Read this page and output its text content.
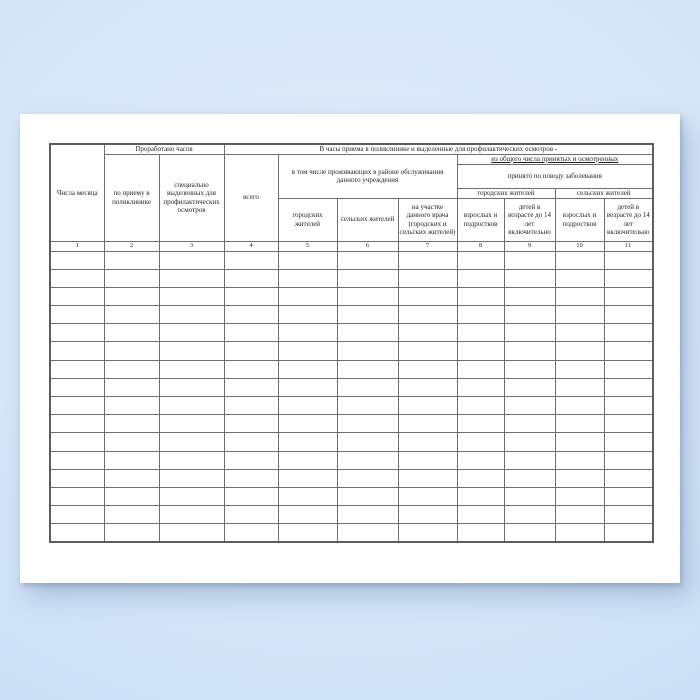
Числа месяца	Проработано часов		В часы приема в поликлинике и выделенные для профилактических осмотров -							
	по приему в поликлинике	специально выделенных для профилактических осмотров	всего	в том числе проживающих в районе обслуживания данного учреждения			из общего числа принятых и осмотренных			
							принято по поводу заболевания			
							городских жителей		сельских жителей	
				городских жителей	сельских жителей	на участке данного врача (городских и сельских жителей)	взрослых и подростков	детей в возрасте до 14 лет включительно	взрослых и подростков	детей в возрасте до 14 лет включительно
1	2	3	4	5	6	7	8	9	10	11
